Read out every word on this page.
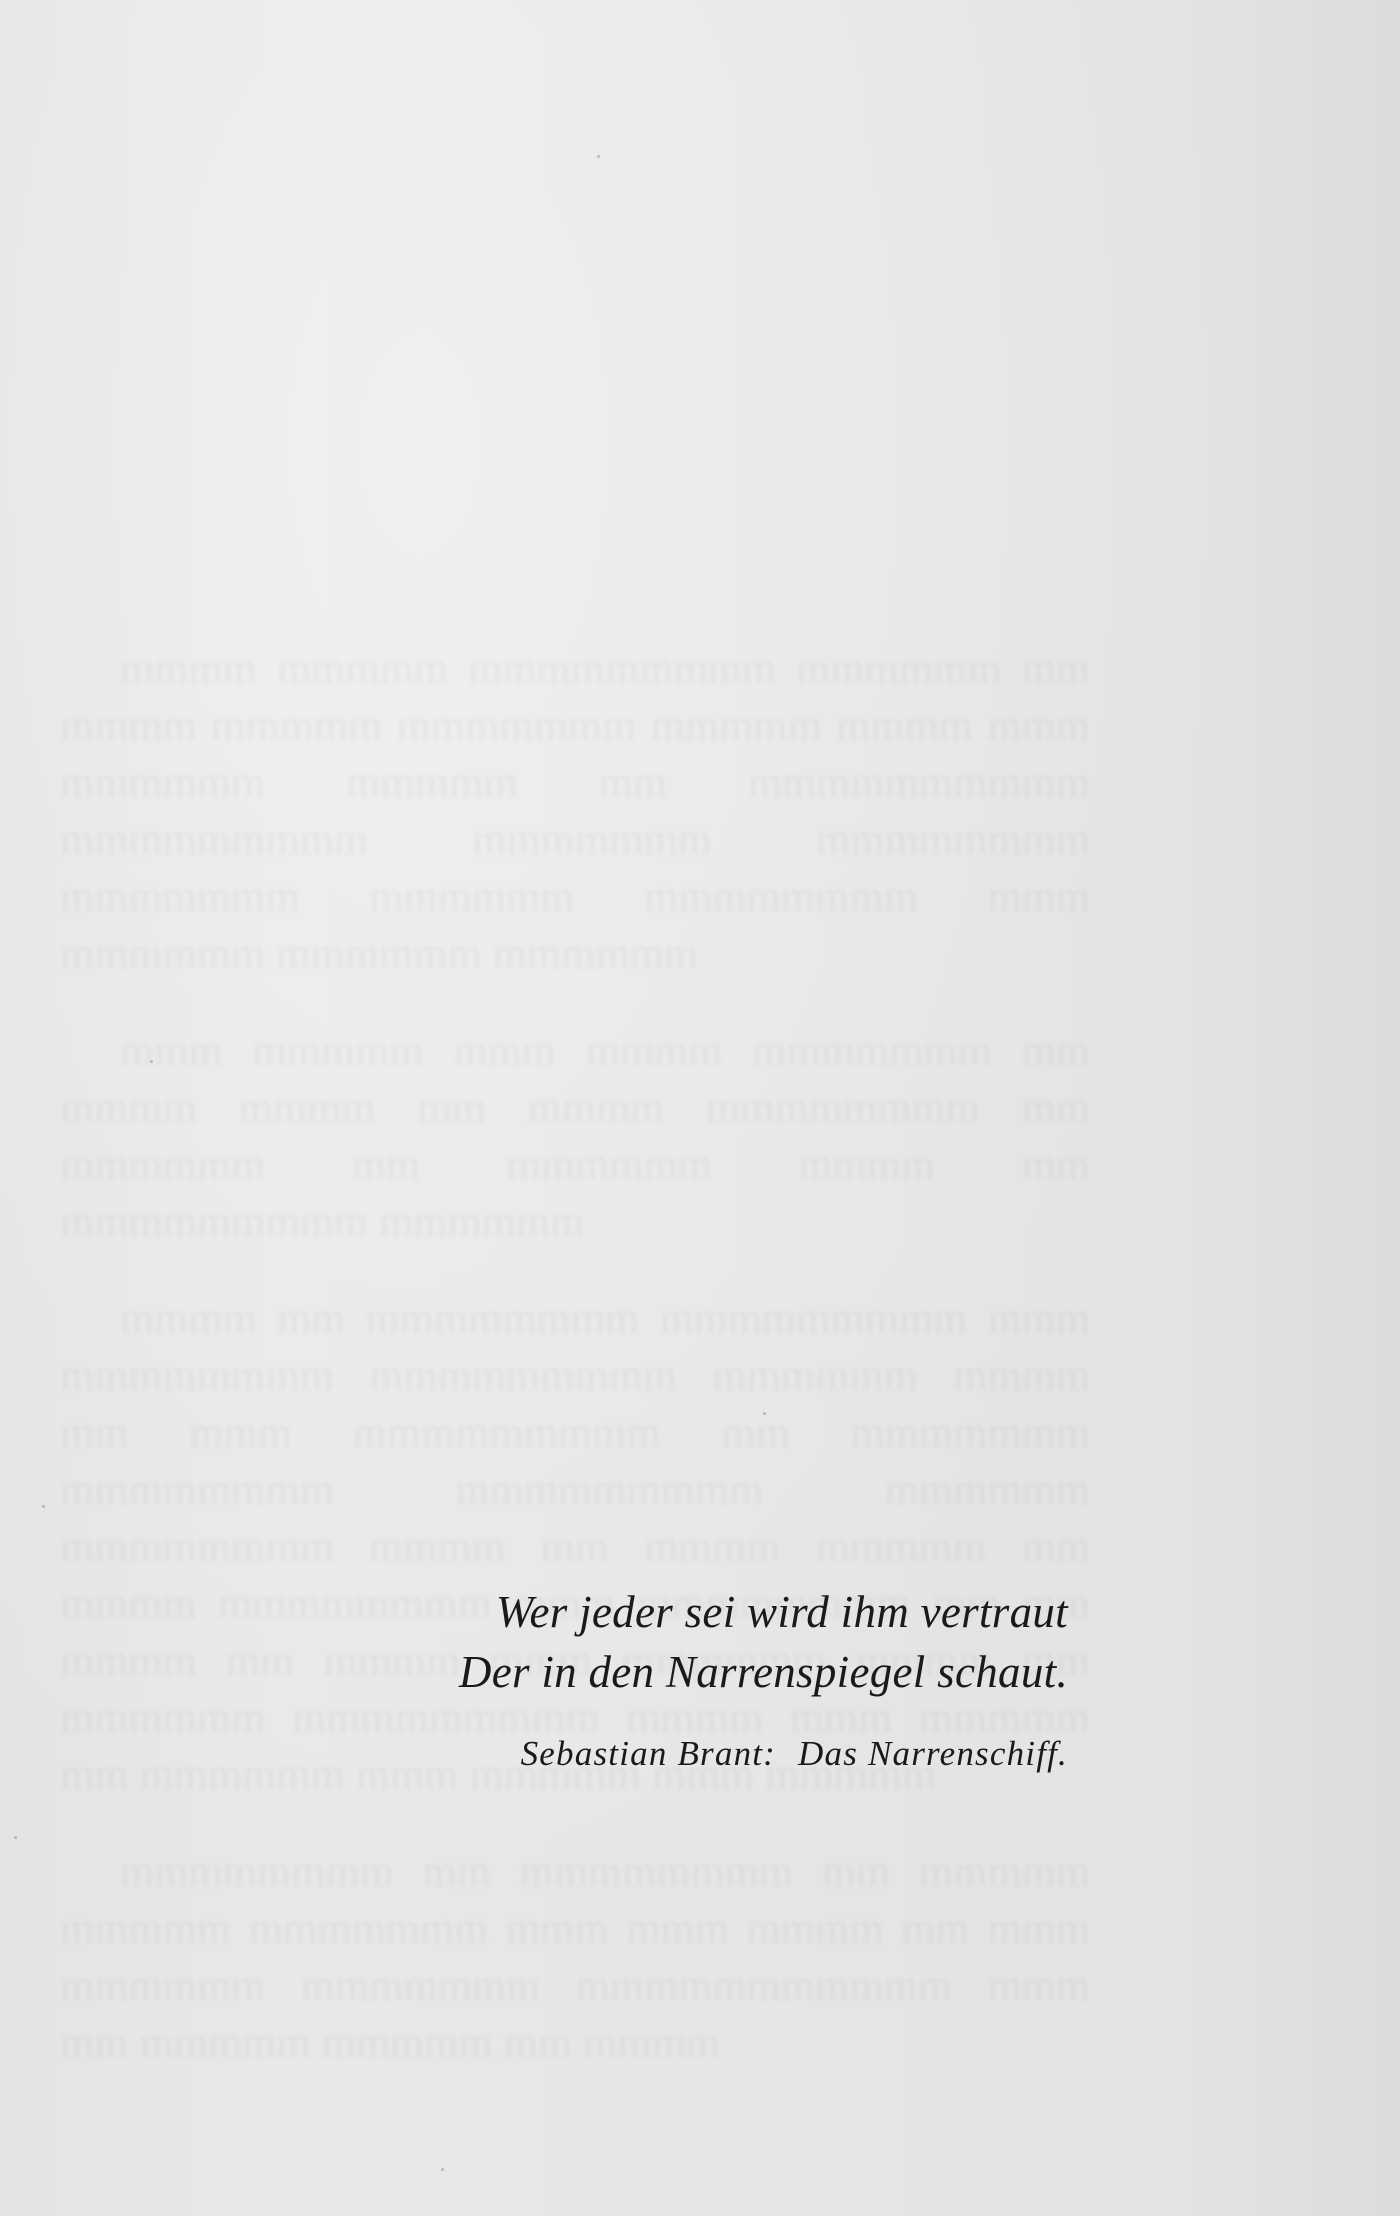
Wer jeder sei wird ihm vertraut
Der in den Narrenspiegel schaut.
Sebastian Brant: Das Narrenschiff.
